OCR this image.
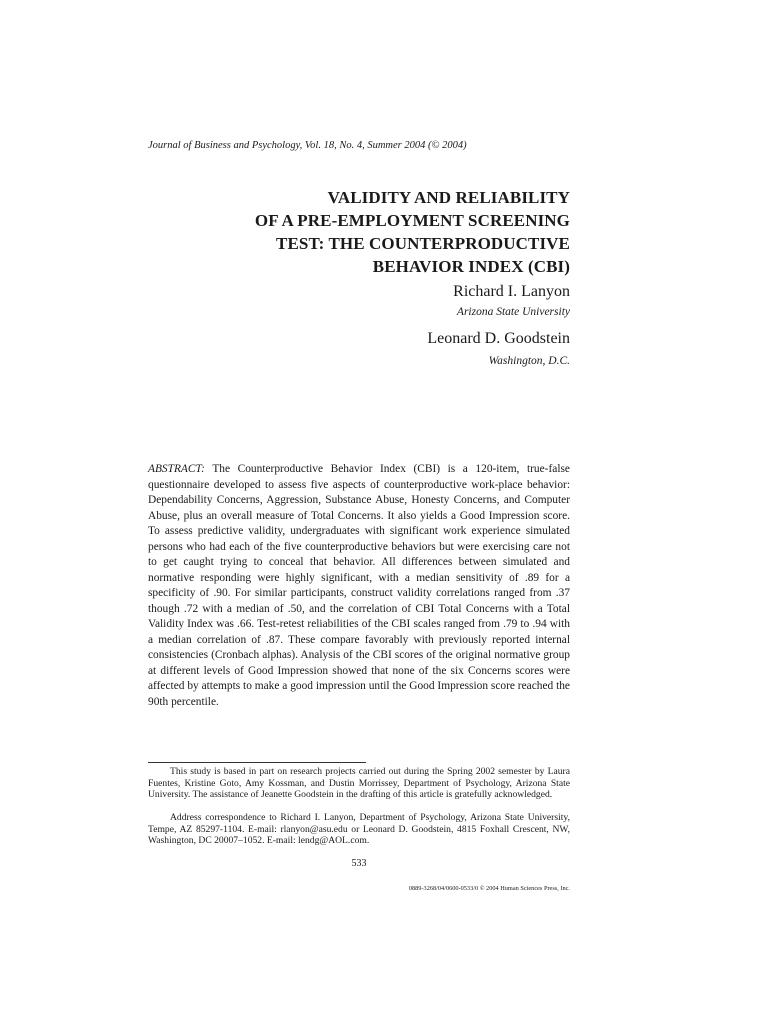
Journal of Business and Psychology, Vol. 18, No. 4, Summer 2004 (© 2004)
VALIDITY AND RELIABILITY
OF A PRE-EMPLOYMENT SCREENING
TEST: THE COUNTERPRODUCTIVE
BEHAVIOR INDEX (CBI)
Richard I. Lanyon
Arizona State University
Leonard D. Goodstein
Washington, D.C.

ABSTRACT: The Counterproductive Behavior Index (CBI) is a 120-item, true-false questionnaire developed to assess five aspects of counterproductive work-place behavior: Dependability Concerns, Aggression, Substance Abuse, Honesty Concerns, and Computer Abuse, plus an overall measure of Total Concerns. It also yields a Good Impression score. To assess predictive validity, undergraduates with significant work experience simulated persons who had each of the five counterproductive behaviors but were exercising care not to get caught trying to conceal that behavior. All differences between simulated and normative responding were highly significant, with a median sensitivity of .89 for a specificity of .90. For similar participants, construct validity correlations ranged from .37 though .72 with a median of .50, and the correlation of CBI Total Concerns with a Total Validity Index was .66. Test-retest reliabilities of the CBI scales ranged from .79 to .94 with a median correlation of .87. These compare favorably with previously reported internal consistencies (Cronbach alphas). Analysis of the CBI scores of the original normative group at different levels of Good Impression showed that none of the six Concerns scores were affected by attempts to make a good impression until the Good Impression score reached the 90th percentile.

This study is based in part on research projects carried out during the Spring 2002 semester by Laura Fuentes, Kristine Goto, Amy Kossman, and Dustin Morrissey, Department of Psychology, Arizona State University. The assistance of Jeanette Goodstein in the drafting of this article is gratefully acknowledged.

Address correspondence to Richard I. Lanyon, Department of Psychology, Arizona State University, Tempe, AZ 85297-1104. E-mail: rlanyon@asu.edu or Leonard D. Goodstein, 4815 Foxhall Crescent, NW, Washington, DC 20007–1052. E-mail: lendg@AOL.com.

533
0889-3268/04/0600-0533/0 © 2004 Human Sciences Press, Inc.
